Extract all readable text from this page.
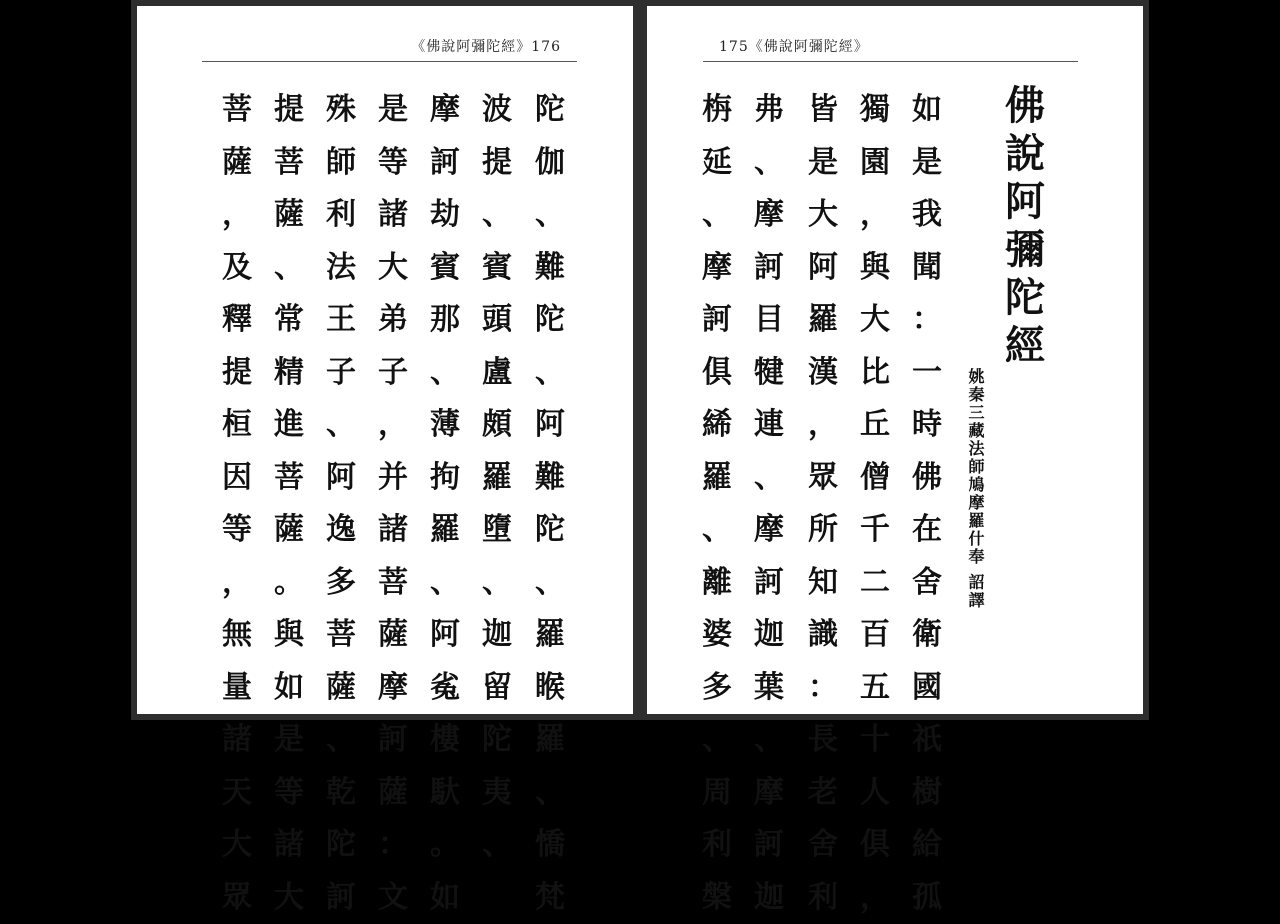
《佛說阿彌陀經》176
陀
伽
、
難
陀
、
阿
難
陀
、
羅
睺
羅
、
憍
梵
波
提
、
賓
頭
盧
頗
羅
墮
、
迦
留
陀
夷
、
摩
訶
劫
賓
那
、
薄
拘
羅
、
阿
㝹
樓
馱
。
如
是
等
諸
大
弟
子
，
并
諸
菩
薩
摩
訶
薩
：
文
殊
師
利
法
王
子
、
阿
逸
多
菩
薩
、
乾
陀
訶
提
菩
薩
、
常
精
進
菩
薩
。
與
如
是
等
諸
大
菩
薩
，
及
釋
提
桓
因
等
，
無
量
諸
天
大
眾
175《佛說阿彌陀經》
佛
說
阿
彌
陀
經
姚秦三藏法師鳩摩羅什奉 詔譯
如
是
我
聞
：
一
時
佛
在
舍
衛
國
祇
樹
給
孤
獨
園
，
與
大
比
丘
僧
千
二
百
五
十
人
俱
，
皆
是
大
阿
羅
漢
，
眾
所
知
識
：
長
老
舍
利
弗
、
摩
訶
目
犍
連
、
摩
訶
迦
葉
、
摩
訶
迦
栴
延
、
摩
訶
俱
絺
羅
、
離
婆
多
、
周
利
槃
